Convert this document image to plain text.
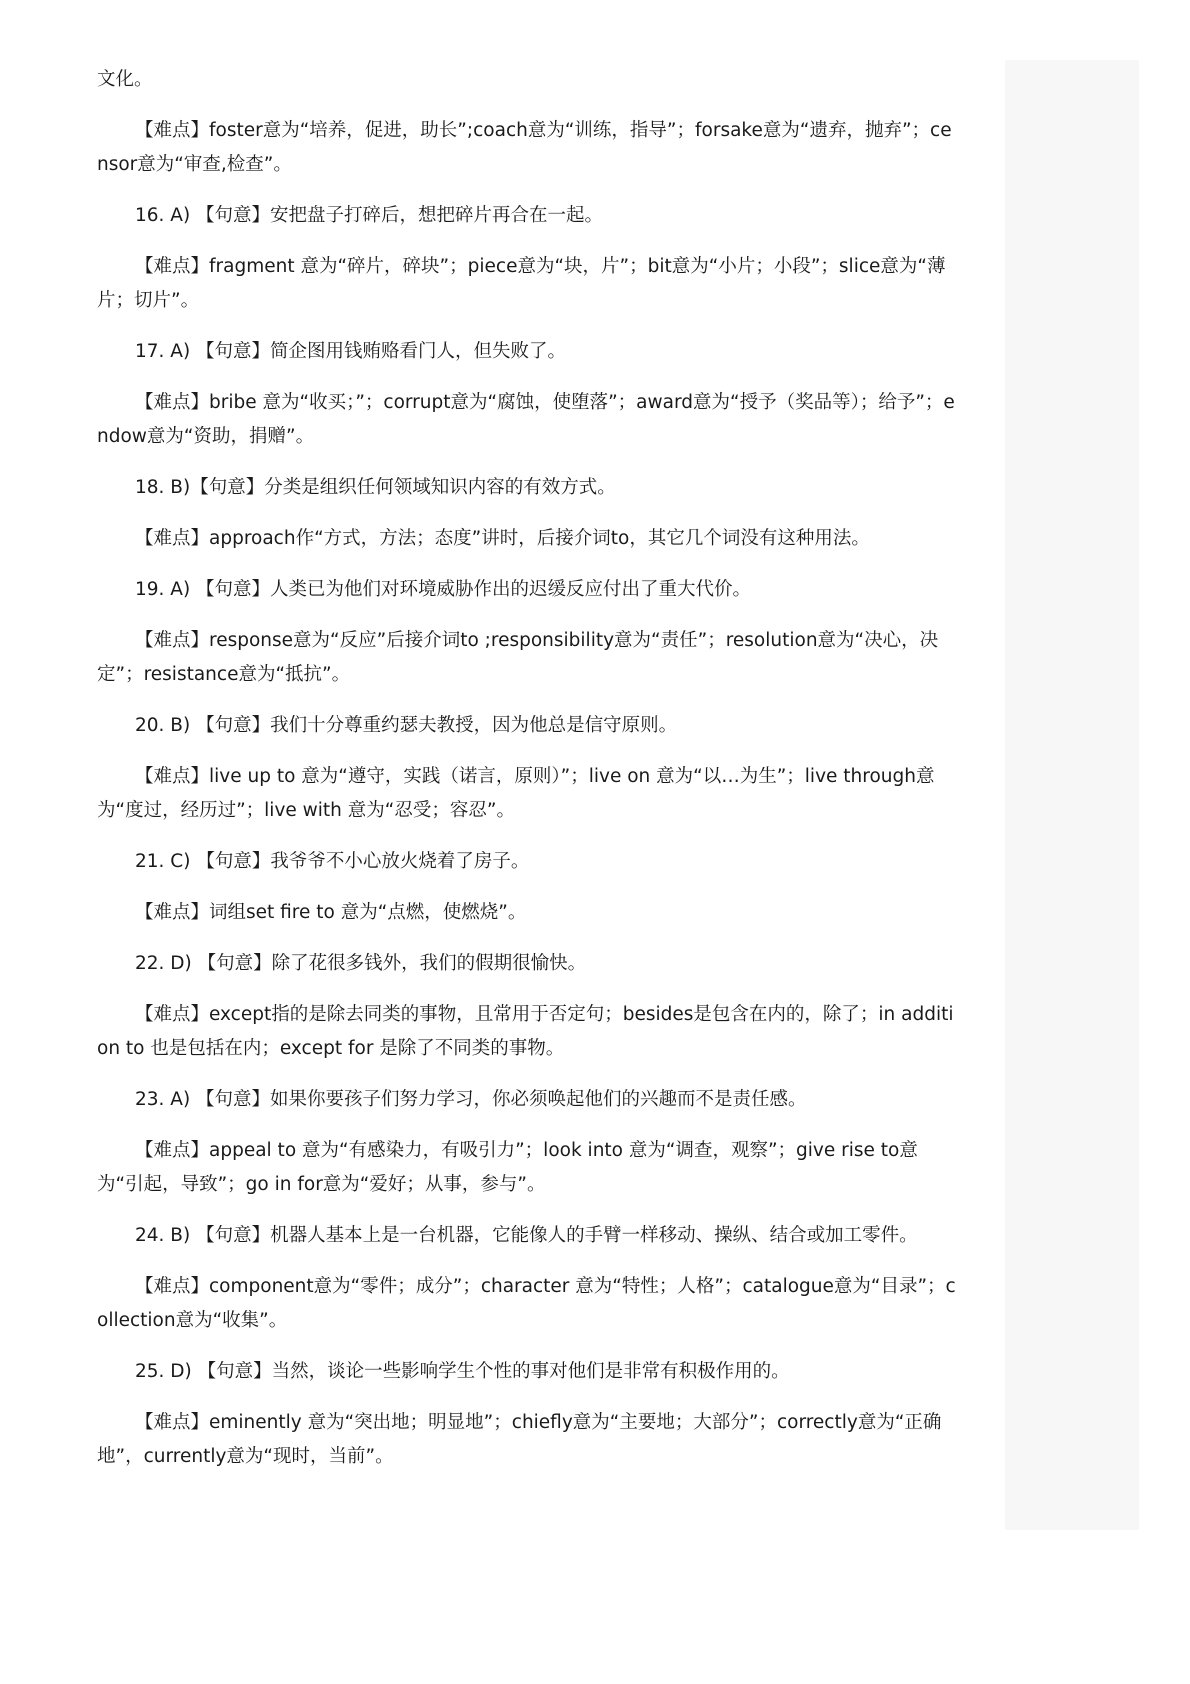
文化。

【难点】foster意为“培养，促进，助长”;coach意为“训练，指导”；forsake意为“遗弃，抛弃”；censor意为“审查,检查”。

16. A) 【句意】安把盘子打碎后，想把碎片再合在一起。

【难点】fragment 意为“碎片，碎块”；piece意为“块，片”；bit意为“小片；小段”；slice意为“薄片；切片”。

17. A) 【句意】简企图用钱贿赂看门人，但失败了。

【难点】bribe 意为“收买；”；corrupt意为“腐蚀，使堕落”；award意为“授予（奖品等）；给予”；endow意为“资助，捐赠”。

18. B)【句意】分类是组织任何领域知识内容的有效方式。

【难点】approach作“方式，方法；态度”讲时，后接介词to，其它几个词没有这种用法。

19. A) 【句意】人类已为他们对环境威胁作出的迟缓反应付出了重大代价。

【难点】response意为“反应”后接介词to ;responsibility意为“责任”；resolution意为“决心，决定”；resistance意为“抵抗”。

20. B) 【句意】我们十分尊重约瑟夫教授，因为他总是信守原则。

【难点】live up to 意为“遵守，实践（诺言，原则）”；live on 意为“以…为生”；live through意为“度过，经历过”；live with 意为“忍受；容忍”。

21. C) 【句意】我爷爷不小心放火烧着了房子。

【难点】词组set fire to 意为“点燃，使燃烧”。

22. D) 【句意】除了花很多钱外，我们的假期很愉快。

【难点】except指的是除去同类的事物，且常用于否定句；besides是包含在内的，除了；in addition to 也是包括在内；except for 是除了不同类的事物。

23. A) 【句意】如果你要孩子们努力学习，你必须唤起他们的兴趣而不是责任感。

【难点】appeal to 意为“有感染力，有吸引力”；look into 意为“调查，观察”；give rise to意为“引起，导致”；go in for意为“爱好；从事，参与”。

24. B) 【句意】机器人基本上是一台机器，它能像人的手臂一样移动、操纵、结合或加工零件。

【难点】component意为“零件；成分”；character 意为“特性；人格”；catalogue意为“目录”；collection意为“收集”。

25. D) 【句意】当然，谈论一些影响学生个性的事对他们是非常有积极作用的。

【难点】eminently 意为“突出地；明显地”；chiefly意为“主要地；大部分”；correctly意为“正确地”，currently意为“现时，当前”。
